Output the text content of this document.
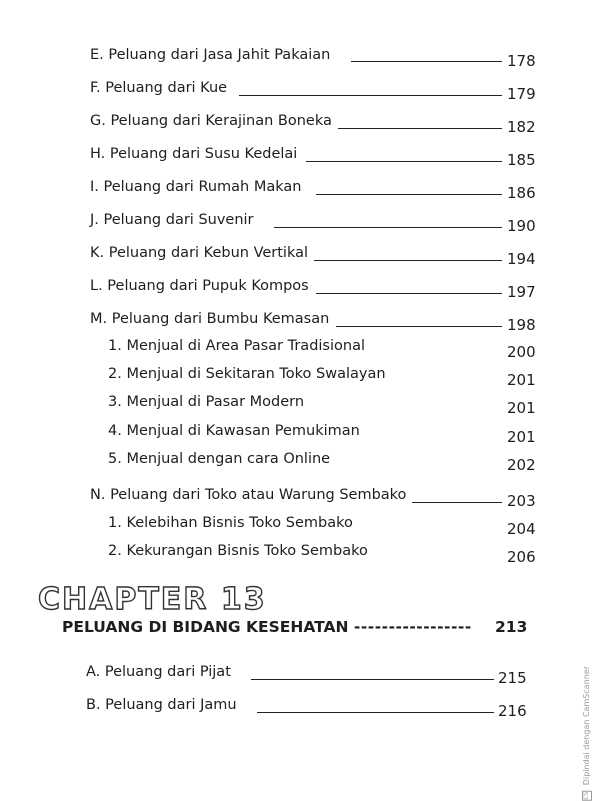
E. Peluang dari Jasa Jahit Pakaian	178
F. Peluang dari Kue	179
G. Peluang dari Kerajinan Boneka	182
H. Peluang dari Susu Kedelai	185
I. Peluang dari Rumah Makan	186
J. Peluang dari Suvenir	190
K. Peluang dari Kebun Vertikal	194
L. Peluang dari Pupuk Kompos	197
M. Peluang dari Bumbu Kemasan	198
1. Menjual di Area Pasar Tradisional	200
2. Menjual di Sekitaran Toko Swalayan	201
3. Menjual di Pasar Modern	201
4. Menjual di Kawasan Pemukiman	201
5. Menjual dengan cara Online	202
N. Peluang dari Toko atau Warung Sembako	203
1. Kelebihan Bisnis Toko Sembako	204
2. Kekurangan Bisnis Toko Sembako	206
CHAPTER 13
PELUANG DI BIDANG KESEHATAN ----------------- 213
A. Peluang dari Pijat	215
B. Peluang dari Jamu	216
CS Dipindai dengan CamScanner
